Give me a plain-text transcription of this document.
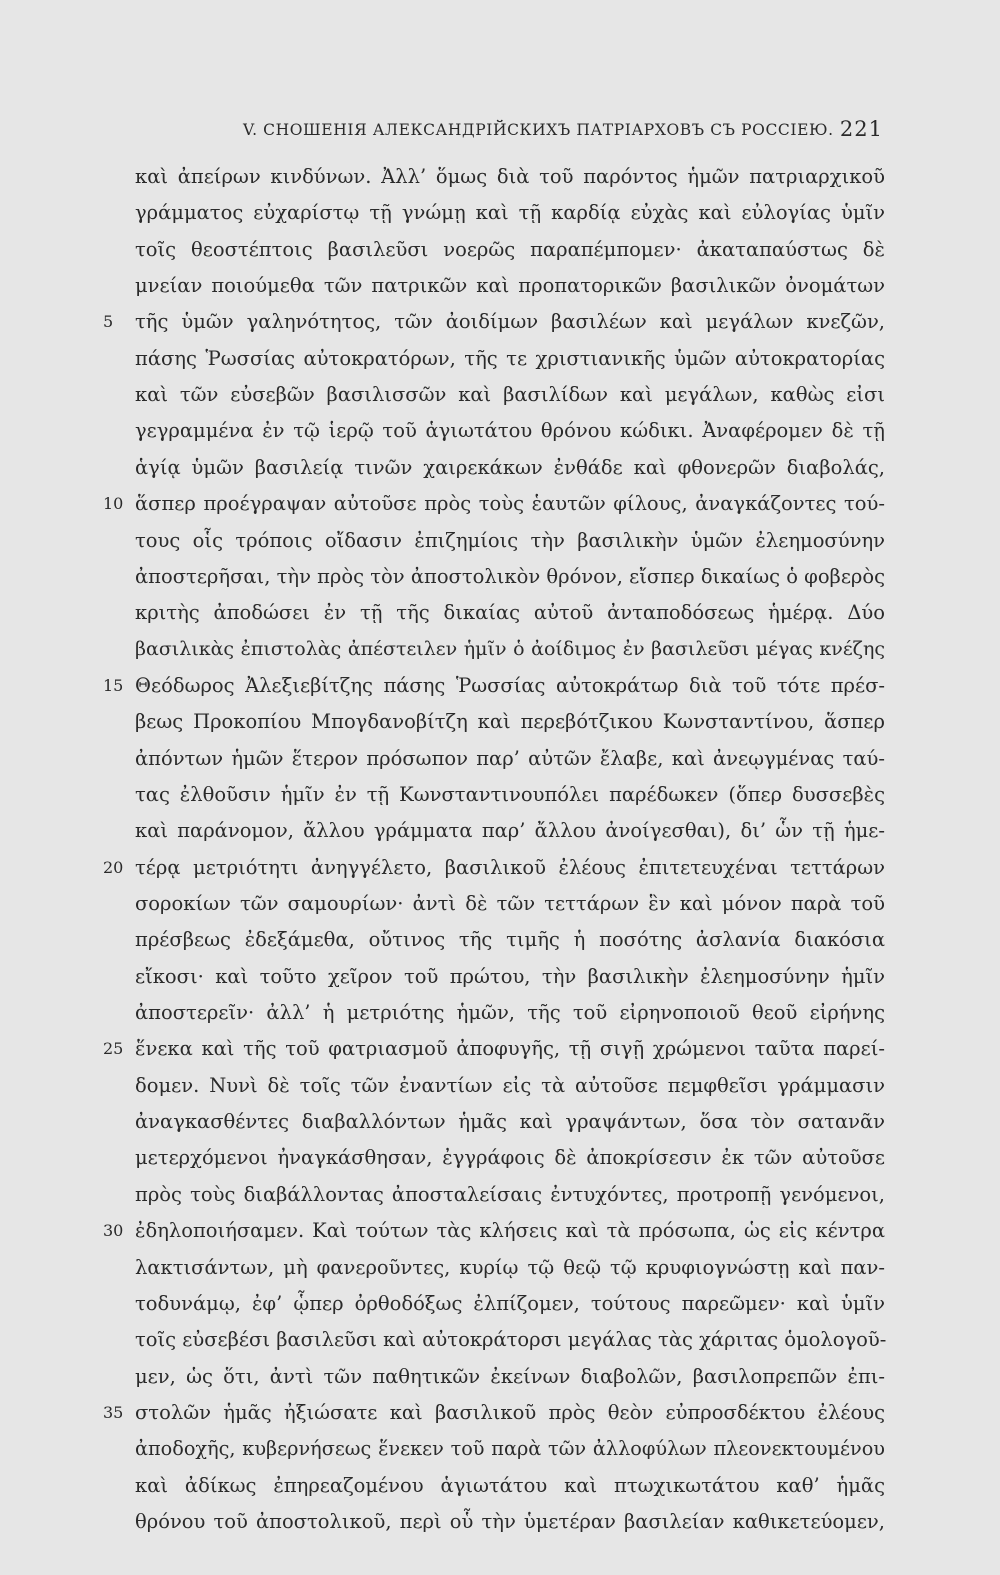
V. СНОШЕНІЯ АЛЕКСАНДРІЙСКИХЪ ПАТРІАРХОВЪ СЪ РОССІЕЮ. 221
καὶ ἀπείρων κινδύνων. Ἀλλ’ ὅμως διὰ τοῦ παρόντος ἡμῶν πατριαρχικοῦ
γράμματος εὐχαρίστῳ τῇ γνώμῃ καὶ τῇ καρδίᾳ εὐχὰς καὶ εὐλογίας ὑμῖν
τοῖς θεοστέπτοις βασιλεῦσι νοερῶς παραπέμπομεν· ἀκαταπαύστως δὲ
μνείαν ποιούμεθα τῶν πατρικῶν καὶ προπατορικῶν βασιλικῶν ὀνομάτων
τῆς ὑμῶν γαληνότητος, τῶν ἀοιδίμων βασιλέων καὶ μεγάλων κνεζῶν,
5
πάσης Ῥωσσίας αὐτοκρατόρων, τῆς τε χριστιανικῆς ὑμῶν αὐτοκρατορίας
καὶ τῶν εὐσεβῶν βασιλισσῶν καὶ βασιλίδων καὶ μεγάλων, καθὼς εἰσι
γεγραμμένα ἐν τῷ ἱερῷ τοῦ ἁγιωτάτου θρόνου κώδικι. Ἀναφέρομεν δὲ τῇ
ἁγίᾳ ὑμῶν βασιλείᾳ τινῶν χαιρεκάκων ἐνθάδε καὶ φθονερῶν διαβολάς,
ἅσπερ προέγραψαν αὐτοῦσε πρὸς τοὺς ἑαυτῶν φίλους, ἀναγκάζοντες τού-
10
τους οἷς τρόποις οἴδασιν ἐπιζημίοις τὴν βασιλικὴν ὑμῶν ἐλεημοσύνην
ἀποστερῆσαι, τὴν πρὸς τὸν ἀποστολικὸν θρόνον, εἴσπερ δικαίως ὁ φοβερὸς
κριτὴς ἀποδώσει ἐν τῇ τῆς δικαίας αὐτοῦ ἀνταποδόσεως ἡμέρᾳ. Δύο
βασιλικὰς ἐπιστολὰς ἀπέστειλεν ἡμῖν ὁ ἀοίδιμος ἐν βασιλεῦσι μέγας κνέζης
Θεόδωρος Ἀλεξιεβίτζης πάσης Ῥωσσίας αὐτοκράτωρ διὰ τοῦ τότε πρέσ-
15
βεως Προκοπίου Μπογδανοβίτζη καὶ περεβότζικου Κωνσταντίνου, ἅσπερ
ἀπόντων ἡμῶν ἕτερον πρόσωπον παρ’ αὐτῶν ἔλαβε, καὶ ἀνεῳγμένας ταύ-
τας ἐλθοῦσιν ἡμῖν ἐν τῇ Κωνσταντινουπόλει παρέδωκεν (ὅπερ δυσσεβὲς
καὶ παράνομον, ἄλλου γράμματα παρ’ ἄλλου ἀνοίγεσθαι), δι’ ὧν τῇ ἡμε-
τέρᾳ μετριότητι ἀνηγγέλετο, βασιλικοῦ ἐλέους ἐπιτετευχέναι τεττάρων
20
σοροκίων τῶν σαμουρίων· ἀντὶ δὲ τῶν τεττάρων ἓν καὶ μόνον παρὰ τοῦ
πρέσβεως ἐδεξάμεθα, οὔτινος τῆς τιμῆς ἡ ποσότης ἀσλανία διακόσια
εἴκοσι· καὶ τοῦτο χεῖρον τοῦ πρώτου, τὴν βασιλικὴν ἐλεημοσύνην ἡμῖν
ἀποστερεῖν· ἀλλ’ ἡ μετριότης ἡμῶν, τῆς τοῦ εἰρηνοποιοῦ θεοῦ εἰρήνης
ἕνεκα καὶ τῆς τοῦ φατριασμοῦ ἀποφυγῆς, τῇ σιγῇ χρώμενοι ταῦτα παρεί-
25
δομεν. Νυνὶ δὲ τοῖς τῶν ἐναντίων εἰς τὰ αὐτοῦσε πεμφθεῖσι γράμμασιν
ἀναγκασθέντες διαβαλλόντων ἡμᾶς καὶ γραψάντων, ὅσα τὸν σατανᾶν
μετερχόμενοι ἠναγκάσθησαν, ἐγγράφοις δὲ ἀποκρίσεσιν ἐκ τῶν αὐτοῦσε
πρὸς τοὺς διαβάλλοντας ἀποσταλείσαις ἐντυχόντες, προτροπῇ γενόμενοι,
ἐδηλοποιήσαμεν. Καὶ τούτων τὰς κλήσεις καὶ τὰ πρόσωπα, ὡς εἰς κέντρα
30
λακτισάντων, μὴ φανεροῦντες, κυρίῳ τῷ θεῷ τῷ κρυφιογνώστῃ καὶ παν-
τοδυνάμῳ, ἐφ’ ᾧπερ ὀρθοδόξως ἐλπίζομεν, τούτους παρεῶμεν· καὶ ὑμῖν
τοῖς εὐσεβέσι βασιλεῦσι καὶ αὐτοκράτορσι μεγάλας τὰς χάριτας ὁμολογοῦ-
μεν, ὡς ὅτι, ἀντὶ τῶν παθητικῶν ἐκείνων διαβολῶν, βασιλοπρεπῶν ἐπι-
στολῶν ἡμᾶς ἠξιώσατε καὶ βασιλικοῦ πρὸς θεὸν εὐπροσδέκτου ἐλέους
35
ἀποδοχῆς, κυβερνήσεως ἕνεκεν τοῦ παρὰ τῶν ἀλλοφύλων πλεονεκτουμένου
καὶ ἀδίκως ἐπηρεαζομένου ἁγιωτάτου καὶ πτωχικωτάτου καθ’ ἡμᾶς
θρόνου τοῦ ἀποστολικοῦ, περὶ οὗ τὴν ὑμετέραν βασιλείαν καθικετεύομεν,
